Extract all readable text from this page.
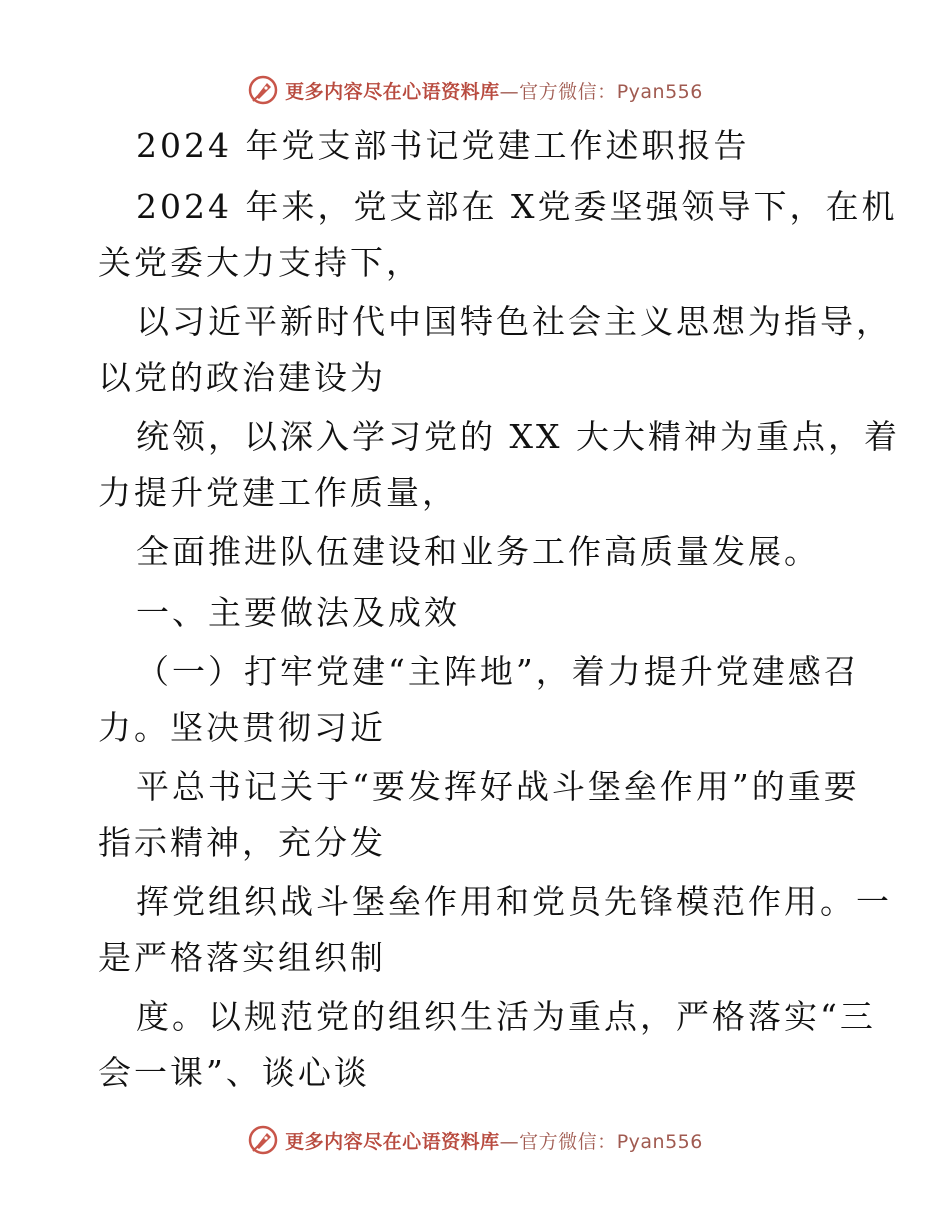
更多内容尽在心语资料库—官方微信：Pyan556
2024 年党支部书记党建工作述职报告
2024 年来，党支部在 X党委坚强领导下，在机
关党委大力支持下，
以习近平新时代中国特色社会主义思想为指导，
以党的政治建设为
统领，以深入学习党的 XX 大大精神为重点，着
力提升党建工作质量，
全面推进队伍建设和业务工作高质量发展。
一、主要做法及成效
（一）打牢党建“主阵地”，着力提升党建感召
力。坚决贯彻习近
平总书记关于“要发挥好战斗堡垒作用”的重要
指示精神，充分发
挥党组织战斗堡垒作用和党员先锋模范作用。一
是严格落实组织制
度。以规范党的组织生活为重点，严格落实“三
会一课”、谈心谈
更多内容尽在心语资料库—官方微信：Pyan556
